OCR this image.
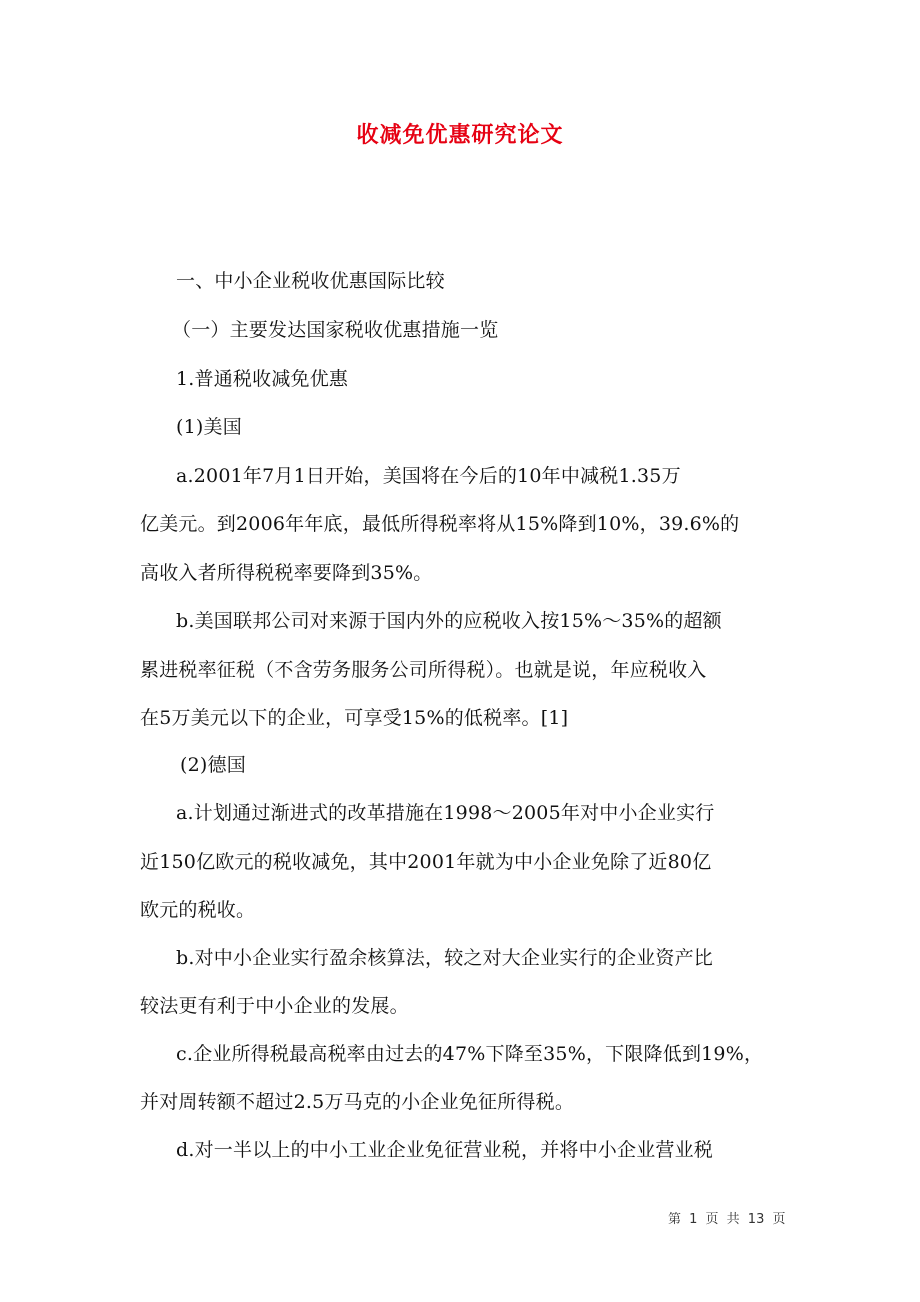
收减免优惠研究论文
一、中小企业税收优惠国际比较
（一）主要发达国家税收优惠措施一览
1.普通税收减免优惠
(1)美国
a.2001年7月1日开始，美国将在今后的10年中减税1.35万
亿美元。到2006年年底，最低所得税率将从15%降到10%，39.6%的
高收入者所得税税率要降到35%。
b.美国联邦公司对来源于国内外的应税收入按15%～35%的超额
累进税率征税（不含劳务服务公司所得税）。也就是说，年应税收入
在5万美元以下的企业，可享受15%的低税率。[1]
(2)德国
a.计划通过渐进式的改革措施在1998～2005年对中小企业实行
近150亿欧元的税收减免，其中2001年就为中小企业免除了近80亿
欧元的税收。
b.对中小企业实行盈余核算法，较之对大企业实行的企业资产比
较法更有利于中小企业的发展。
c.企业所得税最高税率由过去的47%下降至35%，下限降低到19%，
并对周转额不超过2.5万马克的小企业免征所得税。
d.对一半以上的中小工业企业免征营业税，并将中小企业营业税
第 1 页 共 13 页
